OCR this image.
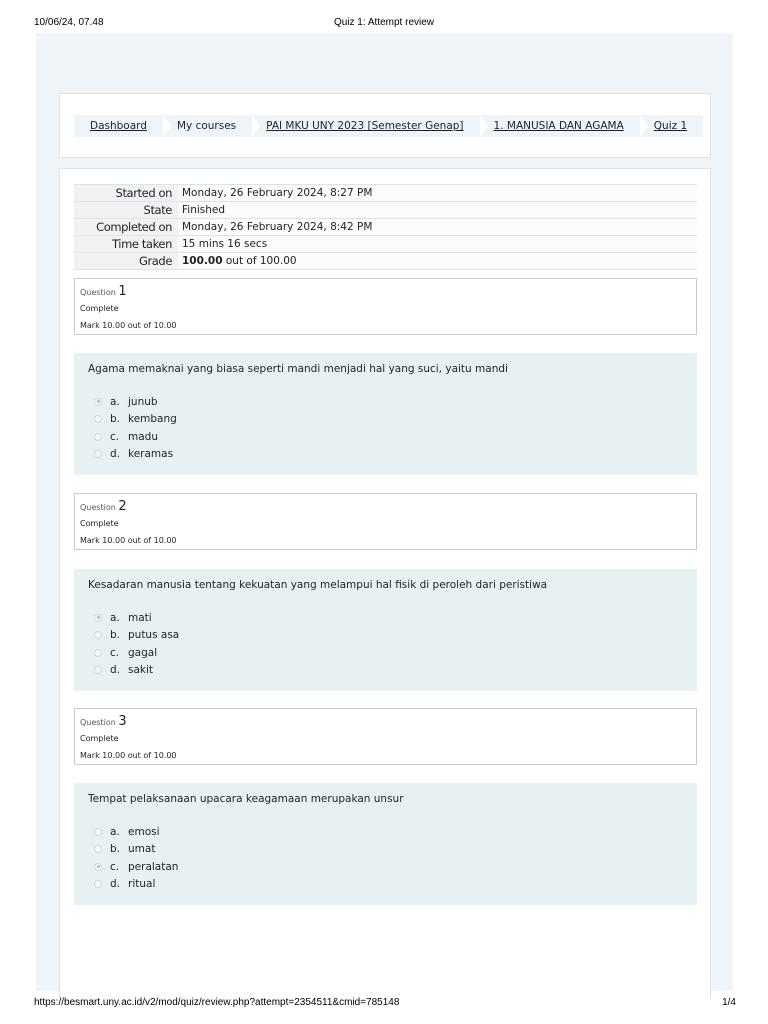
10/06/24, 07.48	Quiz 1: Attempt review
Dashboard	My courses	PAI MKU UNY 2023 [Semester Genap]	1. MANUSIA DAN AGAMA	Quiz 1
Started on	Monday, 26 February 2024, 8:27 PM
State	Finished
Completed on	Monday, 26 February 2024, 8:42 PM
Time taken	15 mins 16 secs
Grade	100.00 out of 100.00
Question 1
Complete
Mark 10.00 out of 10.00
Agama memaknai yang biasa seperti mandi menjadi hal yang suci, yaitu mandi
a. junub
b. kembang
c. madu
d. keramas
Question 2
Complete
Mark 10.00 out of 10.00
Kesadaran manusia tentang kekuatan yang melampui hal fisik di peroleh dari peristiwa
a. mati
b. putus asa
c. gagal
d. sakit
Question 3
Complete
Mark 10.00 out of 10.00
Tempat pelaksanaan upacara keagamaan merupakan unsur
a. emosi
b. umat
c. peralatan
d. ritual
https://besmart.uny.ac.id/v2/mod/quiz/review.php?attempt=2354511&cmid=785148	1/4
